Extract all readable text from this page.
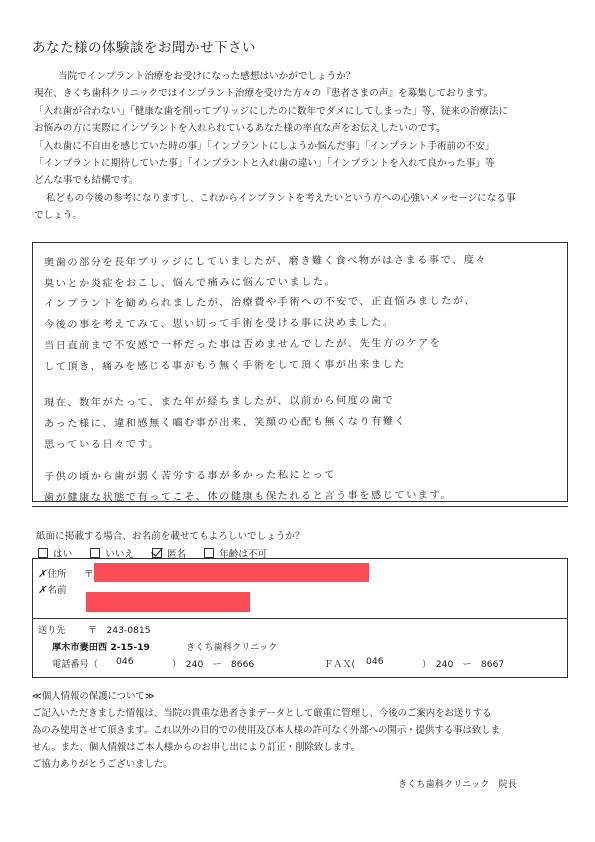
あなた様の体験談をお聞かせ下さい
当院でインプラント治療をお受けになった感想はいかがでしょうか？
現在、きくち歯科クリニックではインプラント治療を受けた方々の『患者さまの声』を募集しております。
「入れ歯が合わない」「健康な歯を削ってブリッジにしたのに数年でダメにしてしまった」等、従来の治療法に
お悩みの方に実際にインプラントを入れられているあなた様の率直な声をお伝えしたいのです。
「入れ歯に不自由を感じていた時の事」「インプラントにしようか悩んだ事」「インプラント手術前の不安」
「インプラントに期待していた事」「インプラントと入れ歯の違い」「インプラントを入れて良かった事」等
どんな事でも結構です。
私どもの今後の参考になりますし、これからインプラントを考えたいという方への心強いメッセージになる事
でしょう。
奥歯の部分を長年ブリッジにしていましたが、磨き難く食べ物がはさまる事で、度々
臭いとか炎症をおこし、悩んで痛みに悩んでいました。
インプラントを勧められましたが、治療費や手術への不安で、正直悩みましたが、
今後の事を考えてみて、思い切って手術を受ける事に決めました。
当日直前まで不安感で一杯だった事は否めませんでしたが、先生方のケアを
して頂き、痛みを感じる事がもう無く手術をして頂く事が出来ました
現在、数年がたって、また年が経ちましたが、以前から何度の歯で
あった様に、違和感無く嚙む事が出来、笑顔の心配も無くなり有難く
思っている日々です。
子供の頃から歯が弱く苦労する事が多かった私にとって
歯が健康な状態で有ってこそ、体の健康も保たれると言う事を感じています。
紙面に掲載する場合、お名前を載せてもよろしいでしょうか？
はい	いいえ	匿名	年齢は不可
✗住所 〒
✗名前
送り先 〒　243-0815
厚木市妻田西 2-15-19	きくち歯科クリニック
電話番号（ 046	）　240　ー　8666	ＦＡＸ( 046	）　240　ー　8667
≪個人情報の保護について≫
ご記入いただきました情報は、当院の貴重な患者さまデータとして厳重に管理し、今後のご案内をお送りする
為のみ使用させて頂きます。これ以外の目的での使用及び本人様の許可なく外部への開示・提供する事は致しま
せん。また、個人情報はご本人様からのお申し出により訂正・削除致します。
ご協力ありがとうございました。
きくち歯科クリニック　院長
